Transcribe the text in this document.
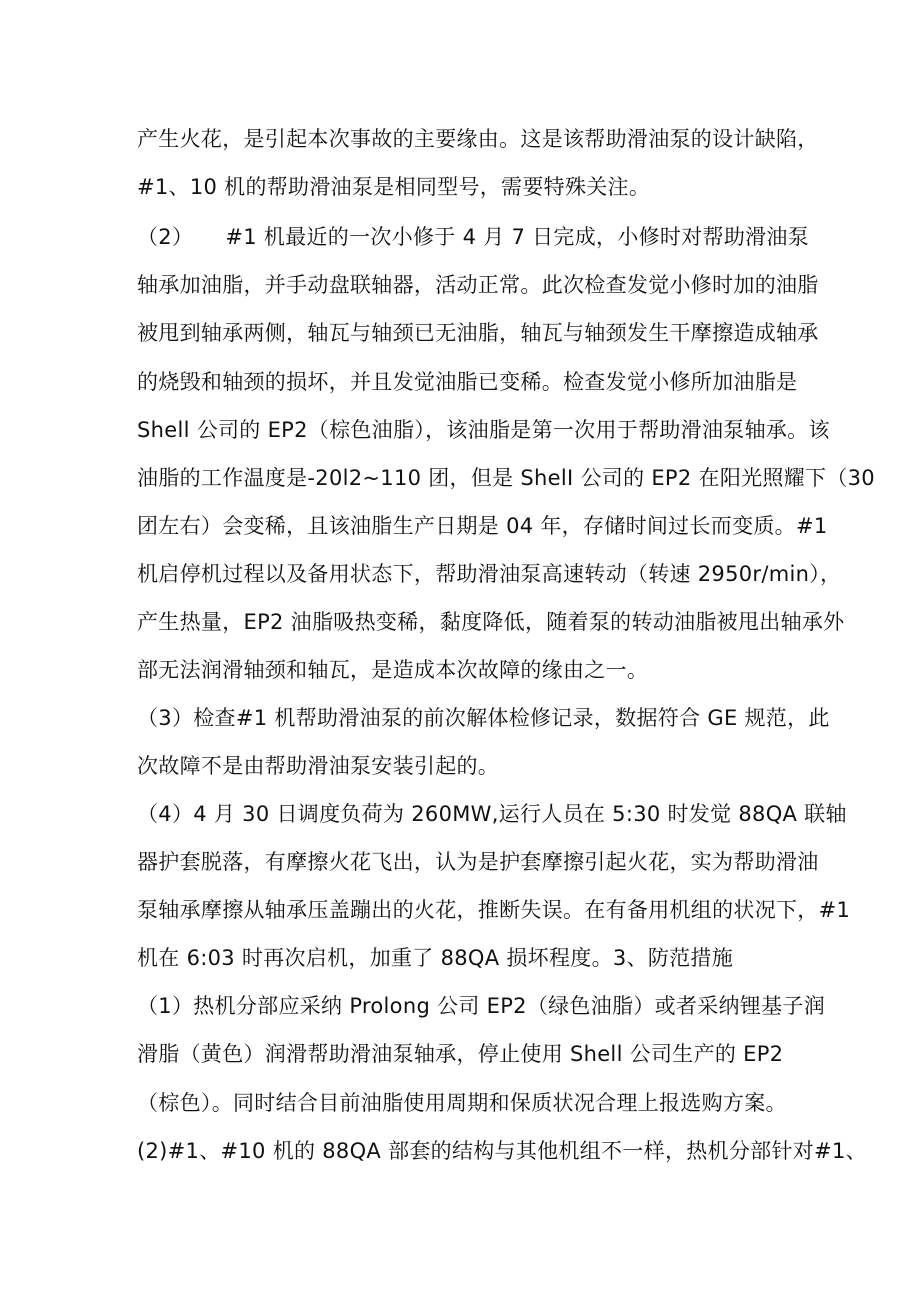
产生火花，是引起本次事故的主要缘由。这是该帮助滑油泵的设计缺陷，
#1、10 机的帮助滑油泵是相同型号，需要特殊关注。
（2）　　#1 机最近的一次小修于 4 月 7 日完成，小修时对帮助滑油泵
轴承加油脂，并手动盘联轴器，活动正常。此次检查发觉小修时加的油脂
被甩到轴承两侧，轴瓦与轴颈已无油脂，轴瓦与轴颈发生干摩擦造成轴承
的烧毁和轴颈的损坏，并且发觉油脂已变稀。检查发觉小修所加油脂是
Shell 公司的 EP2（棕色油脂），该油脂是第一次用于帮助滑油泵轴承。该
油脂的工作温度是-20l2~110 团，但是 ShelI 公司的 EP2 在阳光照耀下（30
团左右）会变稀，且该油脂生产日期是 04 年，存储时间过长而变质。#1
机启停机过程以及备用状态下，帮助滑油泵高速转动（转速 2950r/min），
产生热量，EP2 油脂吸热变稀，黏度降低，随着泵的转动油脂被甩出轴承外
部无法润滑轴颈和轴瓦，是造成本次故障的缘由之一。
（3）检查#1 机帮助滑油泵的前次解体检修记录，数据符合 GE 规范，此
次故障不是由帮助滑油泵安装引起的。
（4）4 月 30 日调度负荷为 260MW,运行人员在 5:30 时发觉 88QA 联轴
器护套脱落，有摩擦火花飞出，认为是护套摩擦引起火花，实为帮助滑油
泵轴承摩擦从轴承压盖蹦出的火花，推断失误。在有备用机组的状况下，#1
机在 6:03 时再次启机，加重了 88QA 损坏程度。3、防范措施
（1）热机分部应采纳 Prolong 公司 EP2（绿色油脂）或者采纳锂基子润
滑脂（黄色）润滑帮助滑油泵轴承，停止使用 Shell 公司生产的 EP2
（棕色）。同时结合目前油脂使用周期和保质状况合理上报选购方案。
(2)#1、#10 机的 88QA 部套的结构与其他机组不一样，热机分部针对#1、
